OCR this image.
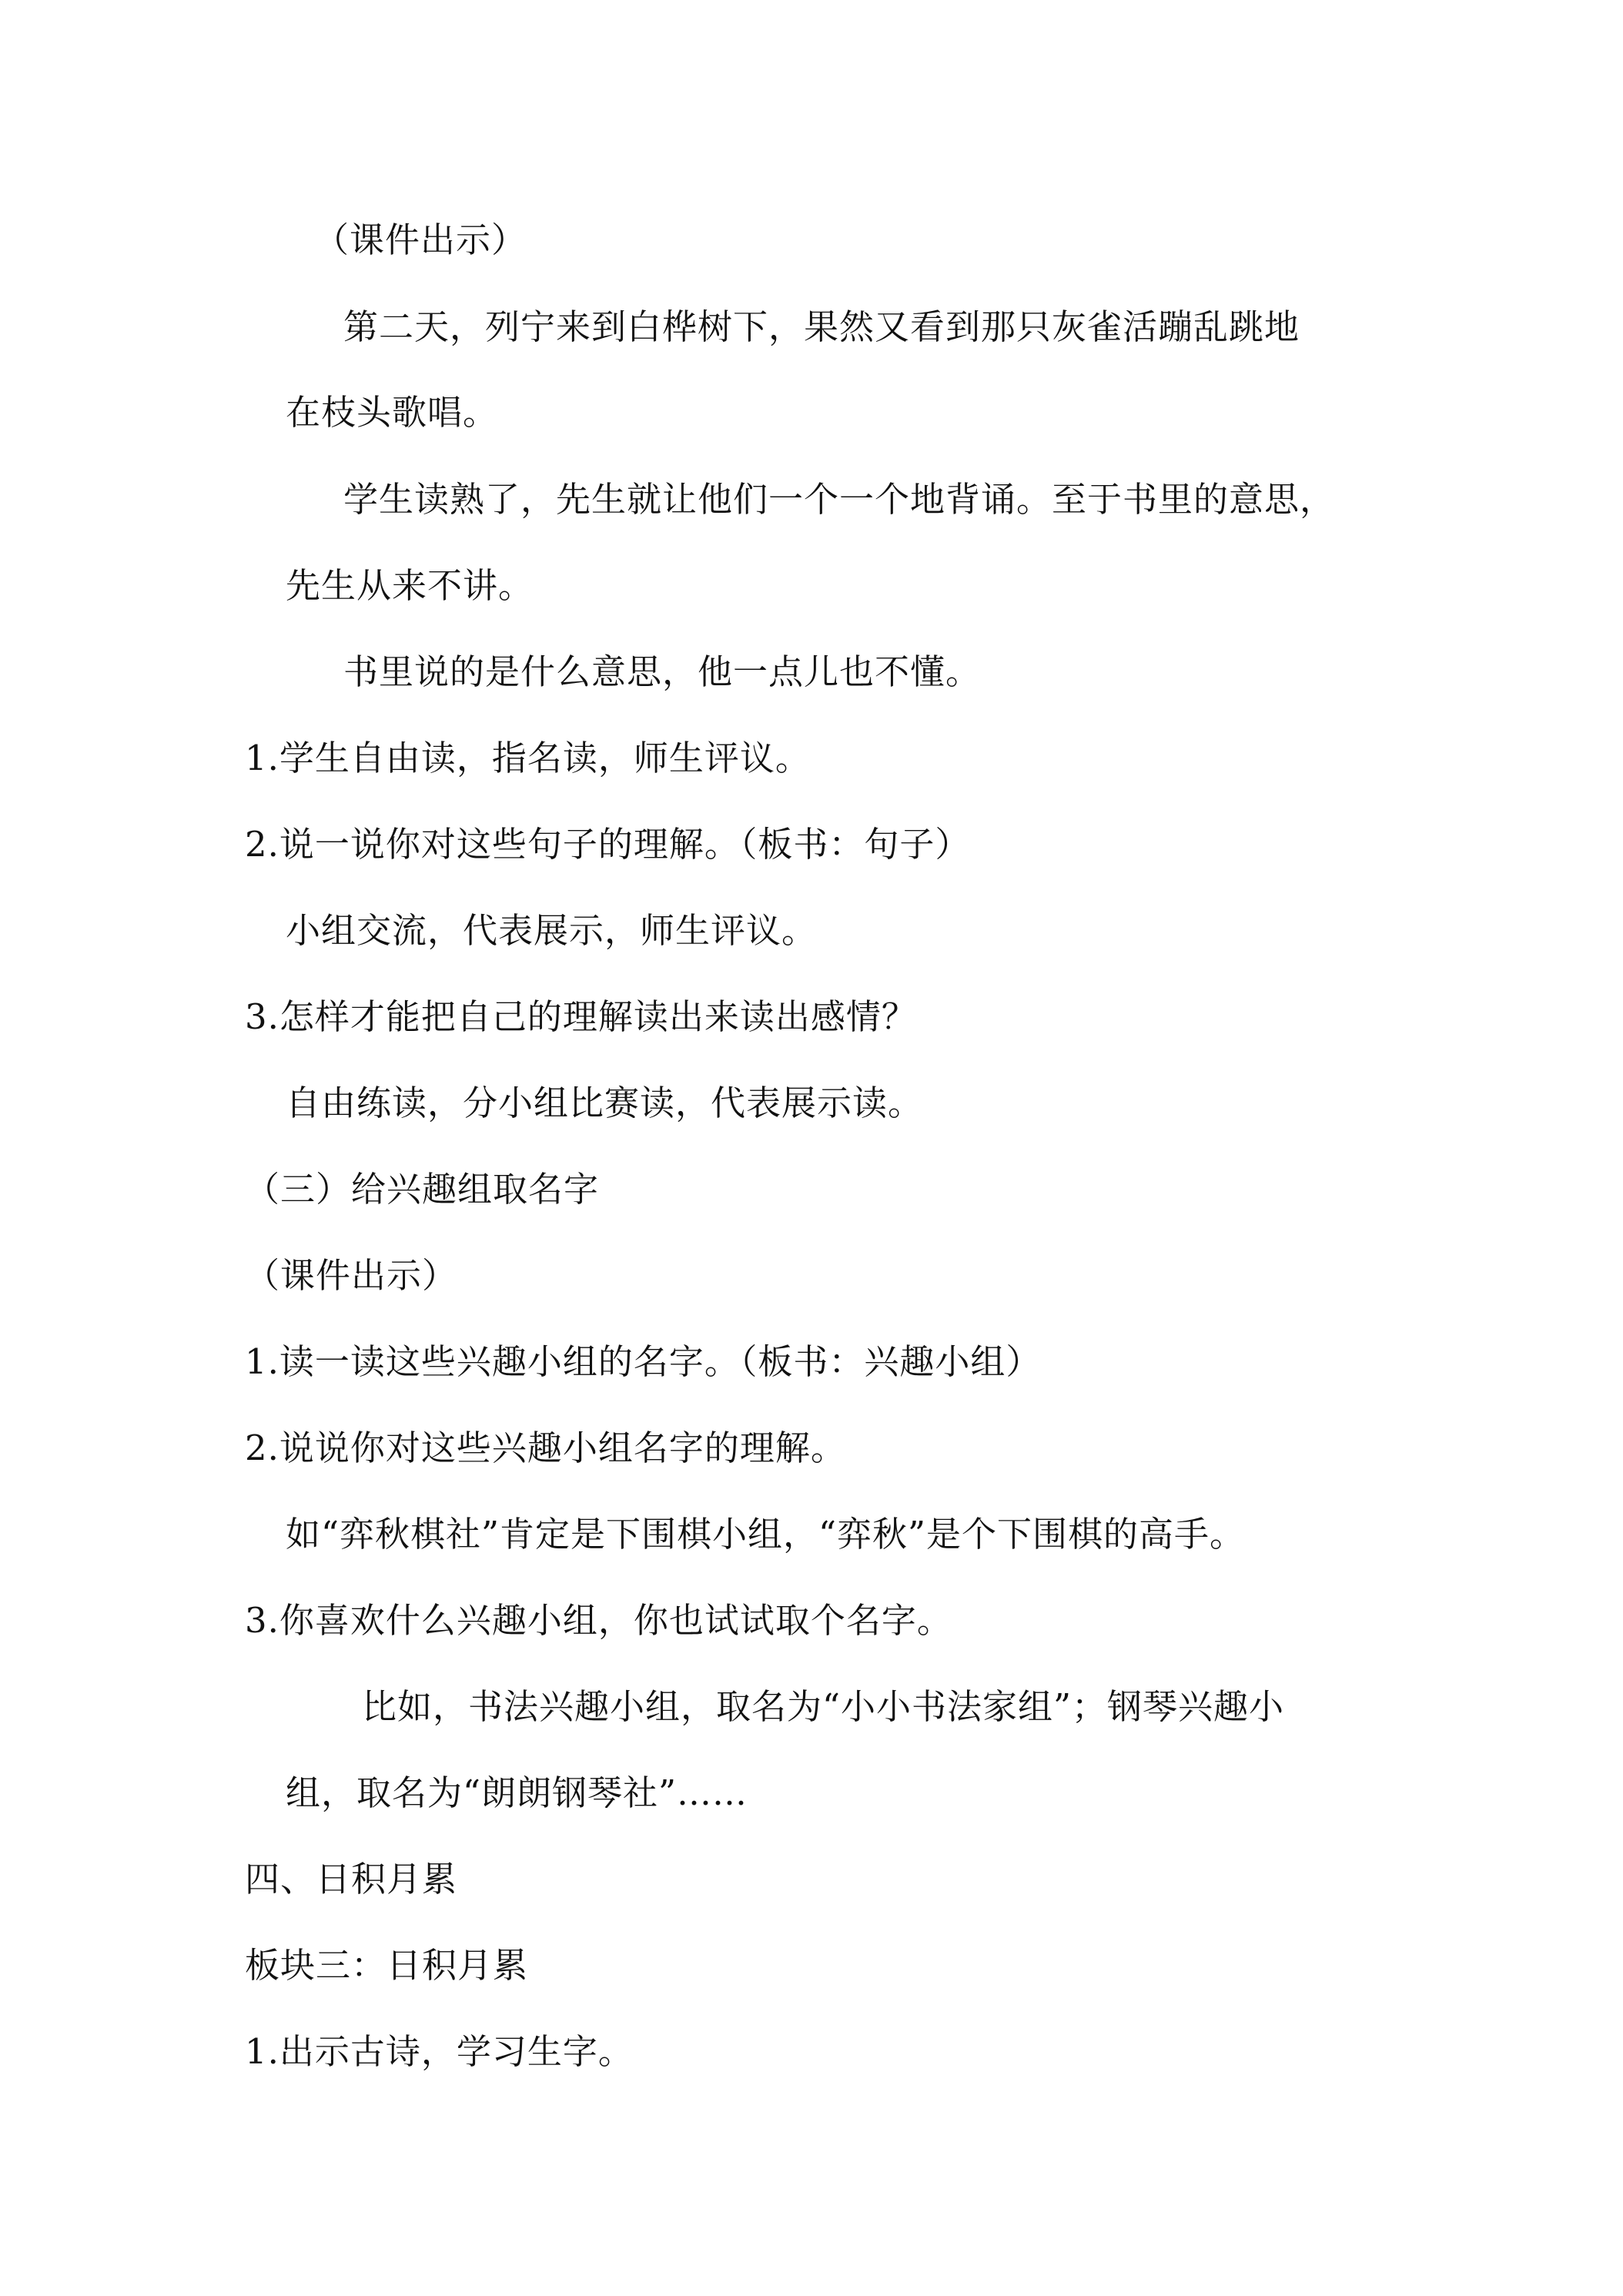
（课件出示）
第二天，列宁来到白桦树下，果然又看到那只灰雀活蹦乱跳地
在枝头歌唱。
学生读熟了，先生就让他们一个一个地背诵。至于书里的意思，
先生从来不讲。
书里说的是什么意思，他一点儿也不懂。
1.学生自由读，指名读，师生评议。
2.说一说你对这些句子的理解。（板书：句子）
小组交流，代表展示，师生评议。
3.怎样才能把自己的理解读出来读出感情？
自由练读，分小组比赛读，代表展示读。
（三）给兴趣组取名字
（课件出示）
1.读一读这些兴趣小组的名字。（板书：兴趣小组）
2.说说你对这些兴趣小组名字的理解。
如“弈秋棋社”肯定是下围棋小组，“弈秋”是个下围棋的高手。
3.你喜欢什么兴趣小组，你也试试取个名字。
比如，书法兴趣小组，取名为“小小书法家组”；钢琴兴趣小
组，取名为“朗朗钢琴社”……
四、日积月累
板块三：日积月累
1.出示古诗，学习生字。
